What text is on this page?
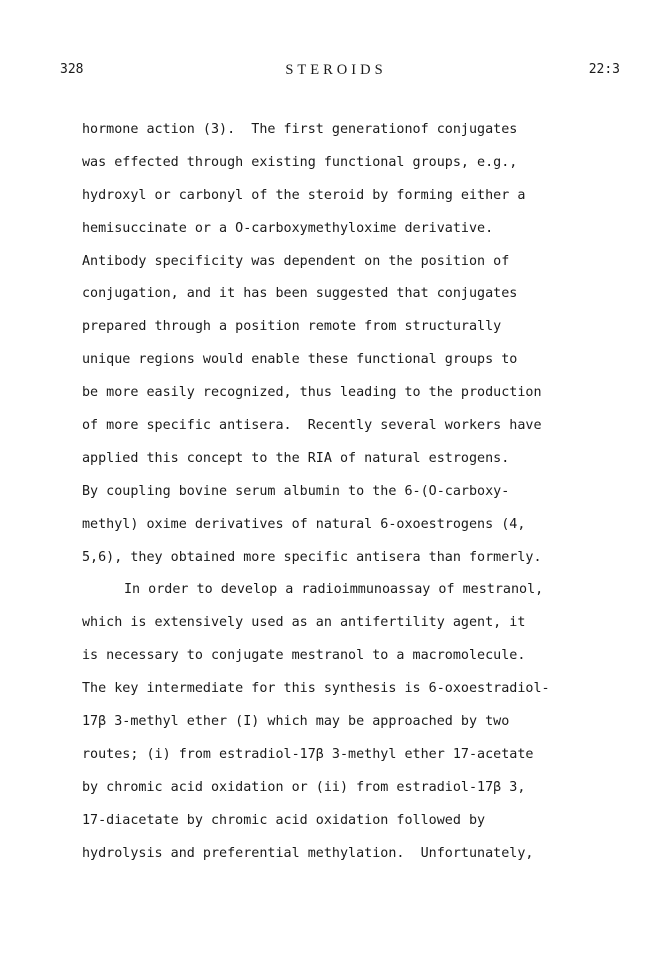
328	STEROIDS	22:3
hormone action (3).  The first generationof conjugates
was effected through existing functional groups, e.g.,
hydroxyl or carbonyl of the steroid by forming either a
hemisuccinate or a O-carboxymethyloxime derivative.
Antibody specificity was dependent on the position of
conjugation, and it has been suggested that conjugates
prepared through a position remote from structurally
unique regions would enable these functional groups to
be more easily recognized, thus leading to the production
of more specific antisera.  Recently several workers have
applied this concept to the RIA of natural estrogens.
By coupling bovine serum albumin to the 6-(O-carboxy-
methyl) oxime derivatives of natural 6-oxoestrogens (4,
5,6), they obtained more specific antisera than formerly.
In order to develop a radioimmunoassay of mestranol,
which is extensively used as an antifertility agent, it
is necessary to conjugate mestranol to a macromolecule.
The key intermediate for this synthesis is 6-oxoestradiol-
17β 3-methyl ether (I) which may be approached by two
routes; (i) from estradiol-17β 3-methyl ether 17-acetate
by chromic acid oxidation or (ii) from estradiol-17β 3,
17-diacetate by chromic acid oxidation followed by
hydrolysis and preferential methylation.  Unfortunately,
